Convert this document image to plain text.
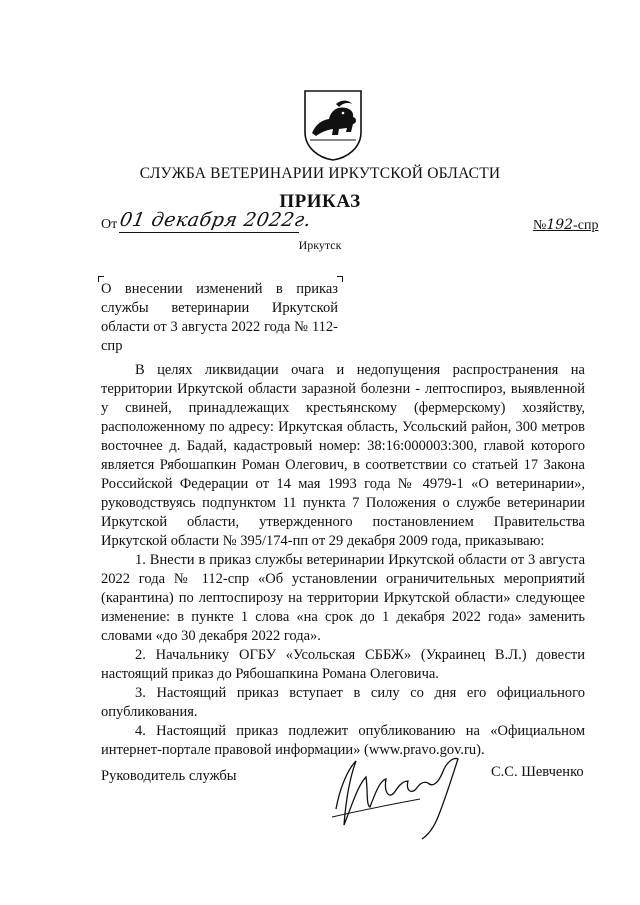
СЛУЖБА ВЕТЕРИНАРИИ ИРКУТСКОЙ ОБЛАСТИ
ПРИКАЗ
От 01 декабря 2022г.	№192-спр
Иркутск
О внесении изменений в приказ службы ветеринарии Иркутской области от 3 августа 2022 года № 112-спр

В целях ликвидации очага и недопущения распространения на территории Иркутской области заразной болезни - лептоспироз, выявленной у свиней, принадлежащих крестьянскому (фермерскому) хозяйству, расположенному по адресу: Иркутская область, Усольский район, 300 метров восточнее д. Бадай, кадастровый номер: 38:16:000003:300, главой которого является Рябошапкин Роман Олегович, в соответствии со статьей 17 Закона Российской Федерации от 14 мая 1993 года № 4979-1 «О ветеринарии», руководствуясь подпунктом 11 пункта 7 Положения о службе ветеринарии Иркутской области, утвержденного постановлением Правительства Иркутской области № 395/174-пп от 29 декабря 2009 года, приказываю:

1. Внести в приказ службы ветеринарии Иркутской области от 3 августа 2022 года № 112-спр «Об установлении ограничительных мероприятий (карантина) по лептоспирозу на территории Иркутской области» следующее изменение: в пункте 1 слова «на срок до 1 декабря 2022 года» заменить словами «до 30 декабря 2022 года».

2. Начальнику ОГБУ «Усольская СББЖ» (Украинец В.Л.) довести настоящий приказ до Рябошапкина Романа Олеговича.

3. Настоящий приказ вступает в силу со дня его официального опубликования.

4. Настоящий приказ подлежит опубликованию на «Официальном интернет-портале правовой информации» (www.pravo.gov.ru).

Руководитель службы	С.С. Шевченко
